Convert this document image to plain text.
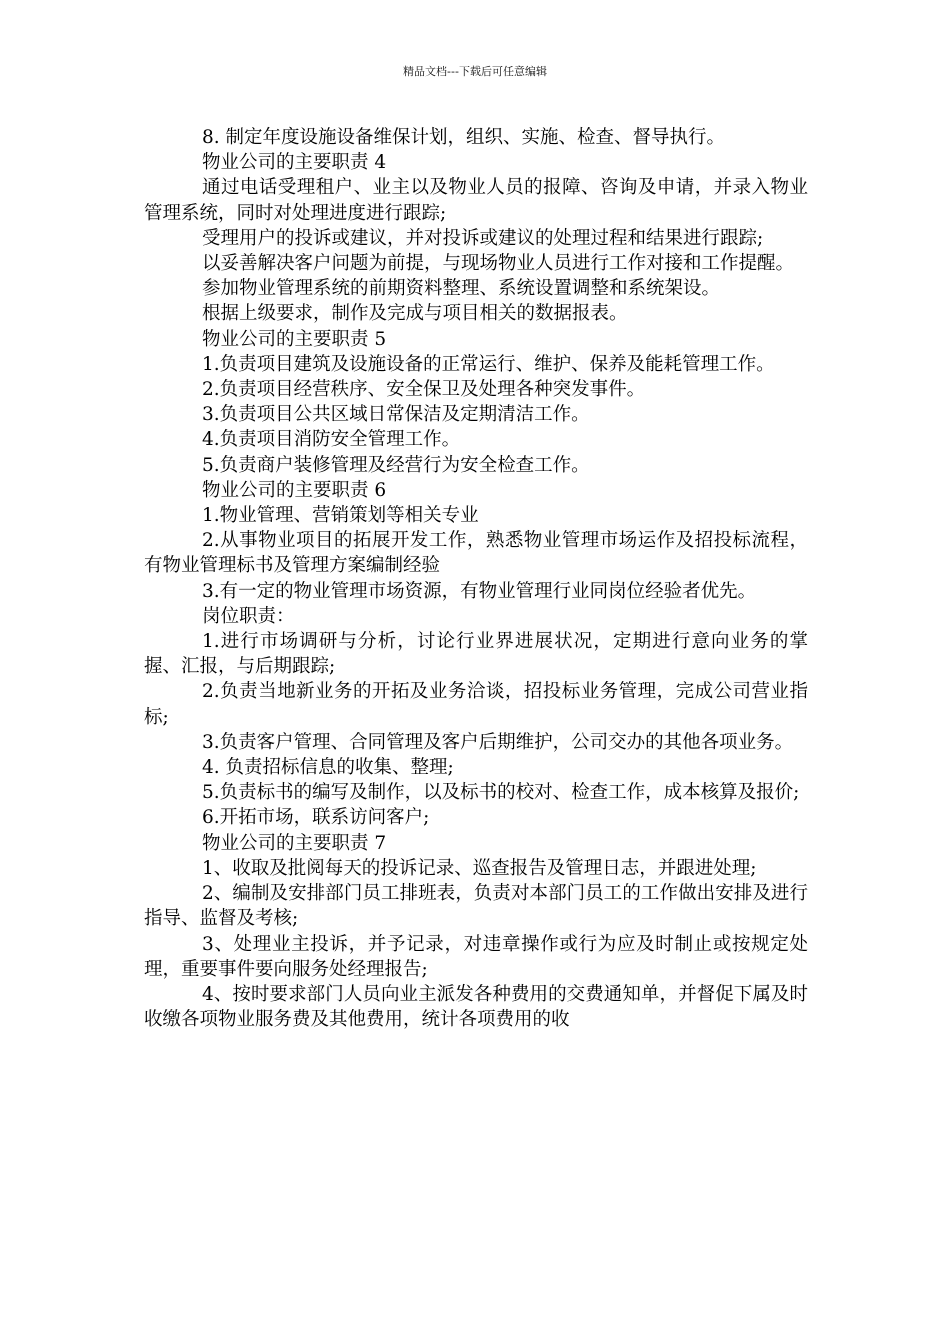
精品文档---下载后可任意编辑

8. 制定年度设施设备维保计划，组织、实施、检查、督导执行。

物业公司的主要职责 4

通过电话受理租户、业主以及物业人员的报障、咨询及申请，并录入物业管理系统，同时对处理进度进行跟踪;

受理用户的投诉或建议，并对投诉或建议的处理过程和结果进行跟踪;

以妥善解决客户问题为前提，与现场物业人员进行工作对接和工作提醒。

参加物业管理系统的前期资料整理、系统设置调整和系统架设。

根据上级要求，制作及完成与项目相关的数据报表。

物业公司的主要职责 5

1.负责项目建筑及设施设备的正常运行、维护、保养及能耗管理工作。

2.负责项目经营秩序、安全保卫及处理各种突发事件。

3.负责项目公共区域日常保洁及定期清洁工作。

4.负责项目消防安全管理工作。

5.负责商户装修管理及经营行为安全检查工作。

物业公司的主要职责 6

1.物业管理、营销策划等相关专业

2.从事物业项目的拓展开发工作，熟悉物业管理市场运作及招投标流程，有物业管理标书及管理方案编制经验

3.有一定的物业管理市场资源，有物业管理行业同岗位经验者优先。

岗位职责：

1.进行市场调研与分析，讨论行业界进展状况，定期进行意向业务的掌握、汇报，与后期跟踪;

2.负责当地新业务的开拓及业务洽谈，招投标业务管理，完成公司营业指标;

3.负责客户管理、合同管理及客户后期维护，公司交办的其他各项业务。

4. 负责招标信息的收集、整理;

5.负责标书的编写及制作，以及标书的校对、检查工作，成本核算及报价;

6.开拓市场，联系访问客户;

物业公司的主要职责 7

1、收取及批阅每天的投诉记录、巡查报告及管理日志，并跟进处理;

2、编制及安排部门员工排班表，负责对本部门员工的工作做出安排及进行指导、监督及考核;

3、处理业主投诉，并予记录，对违章操作或行为应及时制止或按规定处理，重要事件要向服务处经理报告;

4、按时要求部门人员向业主派发各种费用的交费通知单，并督促下属及时收缴各项物业服务费及其他费用，统计各项费用的收
